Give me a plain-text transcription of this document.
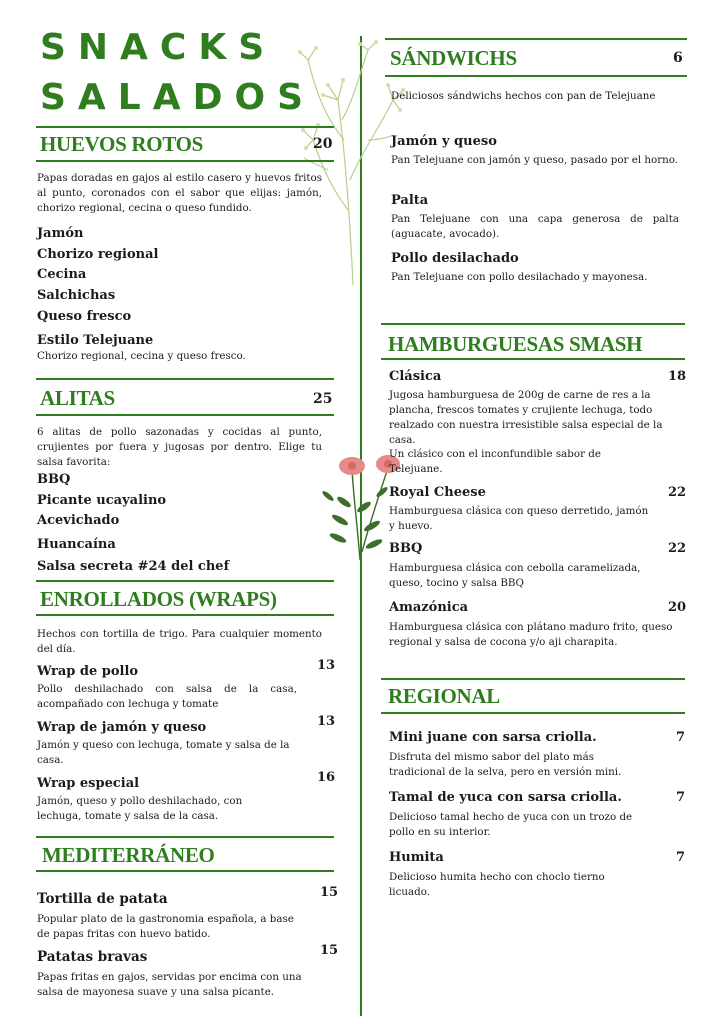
SNACKS
SALADOS
HUEVOS ROTOS	20
Papas doradas en gajos al estilo casero y huevos fritos al punto, coronados con el sabor que elijas: jamón, chorizo regional, cecina o queso fundido.
Jamón
Chorizo regional
Cecina
Salchichas
Queso fresco
Estilo Telejuane
Chorizo regional, cecina y queso fresco.
ALITAS	25
6 alitas de pollo sazonadas y cocidas al punto, crujientes por fuera y jugosas por dentro. Elige tu salsa favorita:
BBQ
Picante ucayalino
Acevichado
Huancaína
Salsa secreta #24 del chef
ENROLLADOS (WRAPS)
Hechos con tortilla de trigo. Para cualquier momento del día.
Wrap de pollo	13
Pollo deshilachado con salsa de la casa, acompañado con lechuga y tomate
Wrap de jamón y queso	13
Jamón y queso con lechuga, tomate y salsa de la casa.
Wrap especial	16
Jamón, queso y pollo deshilachado, con lechuga, tomate y salsa de la casa.
MEDITERRÁNEO
Tortilla de patata	15
Popular plato de la gastronomia española, a base de papas fritas con huevo batido.
Patatas bravas	15
Papas fritas en gajos, servidas por encima con una salsa de mayonesa suave y una salsa picante.
SÁNDWICHS	6
Deliciosos sándwichs hechos con pan de Telejuane
Jamón y queso
Pan Telejuane con jamón y queso, pasado por el horno.
Palta
Pan Telejuane con una capa generosa de palta (aguacate, avocado).
Pollo desilachado
Pan Telejuane con pollo desilachado y mayonesa.
HAMBURGUESAS SMASH
Clásica	18
Jugosa hamburguesa de 200g de carne de res a la plancha, frescos tomates y crujiente lechuga, todo realzado con nuestra irresistible salsa especial de la casa.
Un clásico con el inconfundible sabor de Telejuane.
Royal Cheese	22
Hamburguesa clásica con queso derretido, jamón y huevo.
BBQ	22
Hamburguesa clásica con cebolla caramelizada, queso, tocino y salsa BBQ
Amazónica	20
Hamburguesa clásica con plátano maduro frito, queso regional y salsa de cocona y/o aji charapita.
REGIONAL
Mini juane con sarsa criolla.	7
Disfruta del mismo sabor del plato más tradicional de la selva, pero en versión mini.
Tamal de yuca con sarsa criolla.	7
Delicioso tamal hecho de yuca con un trozo de pollo en su interior.
Humita	7
Delicioso humita hecho con choclo tierno licuado.
